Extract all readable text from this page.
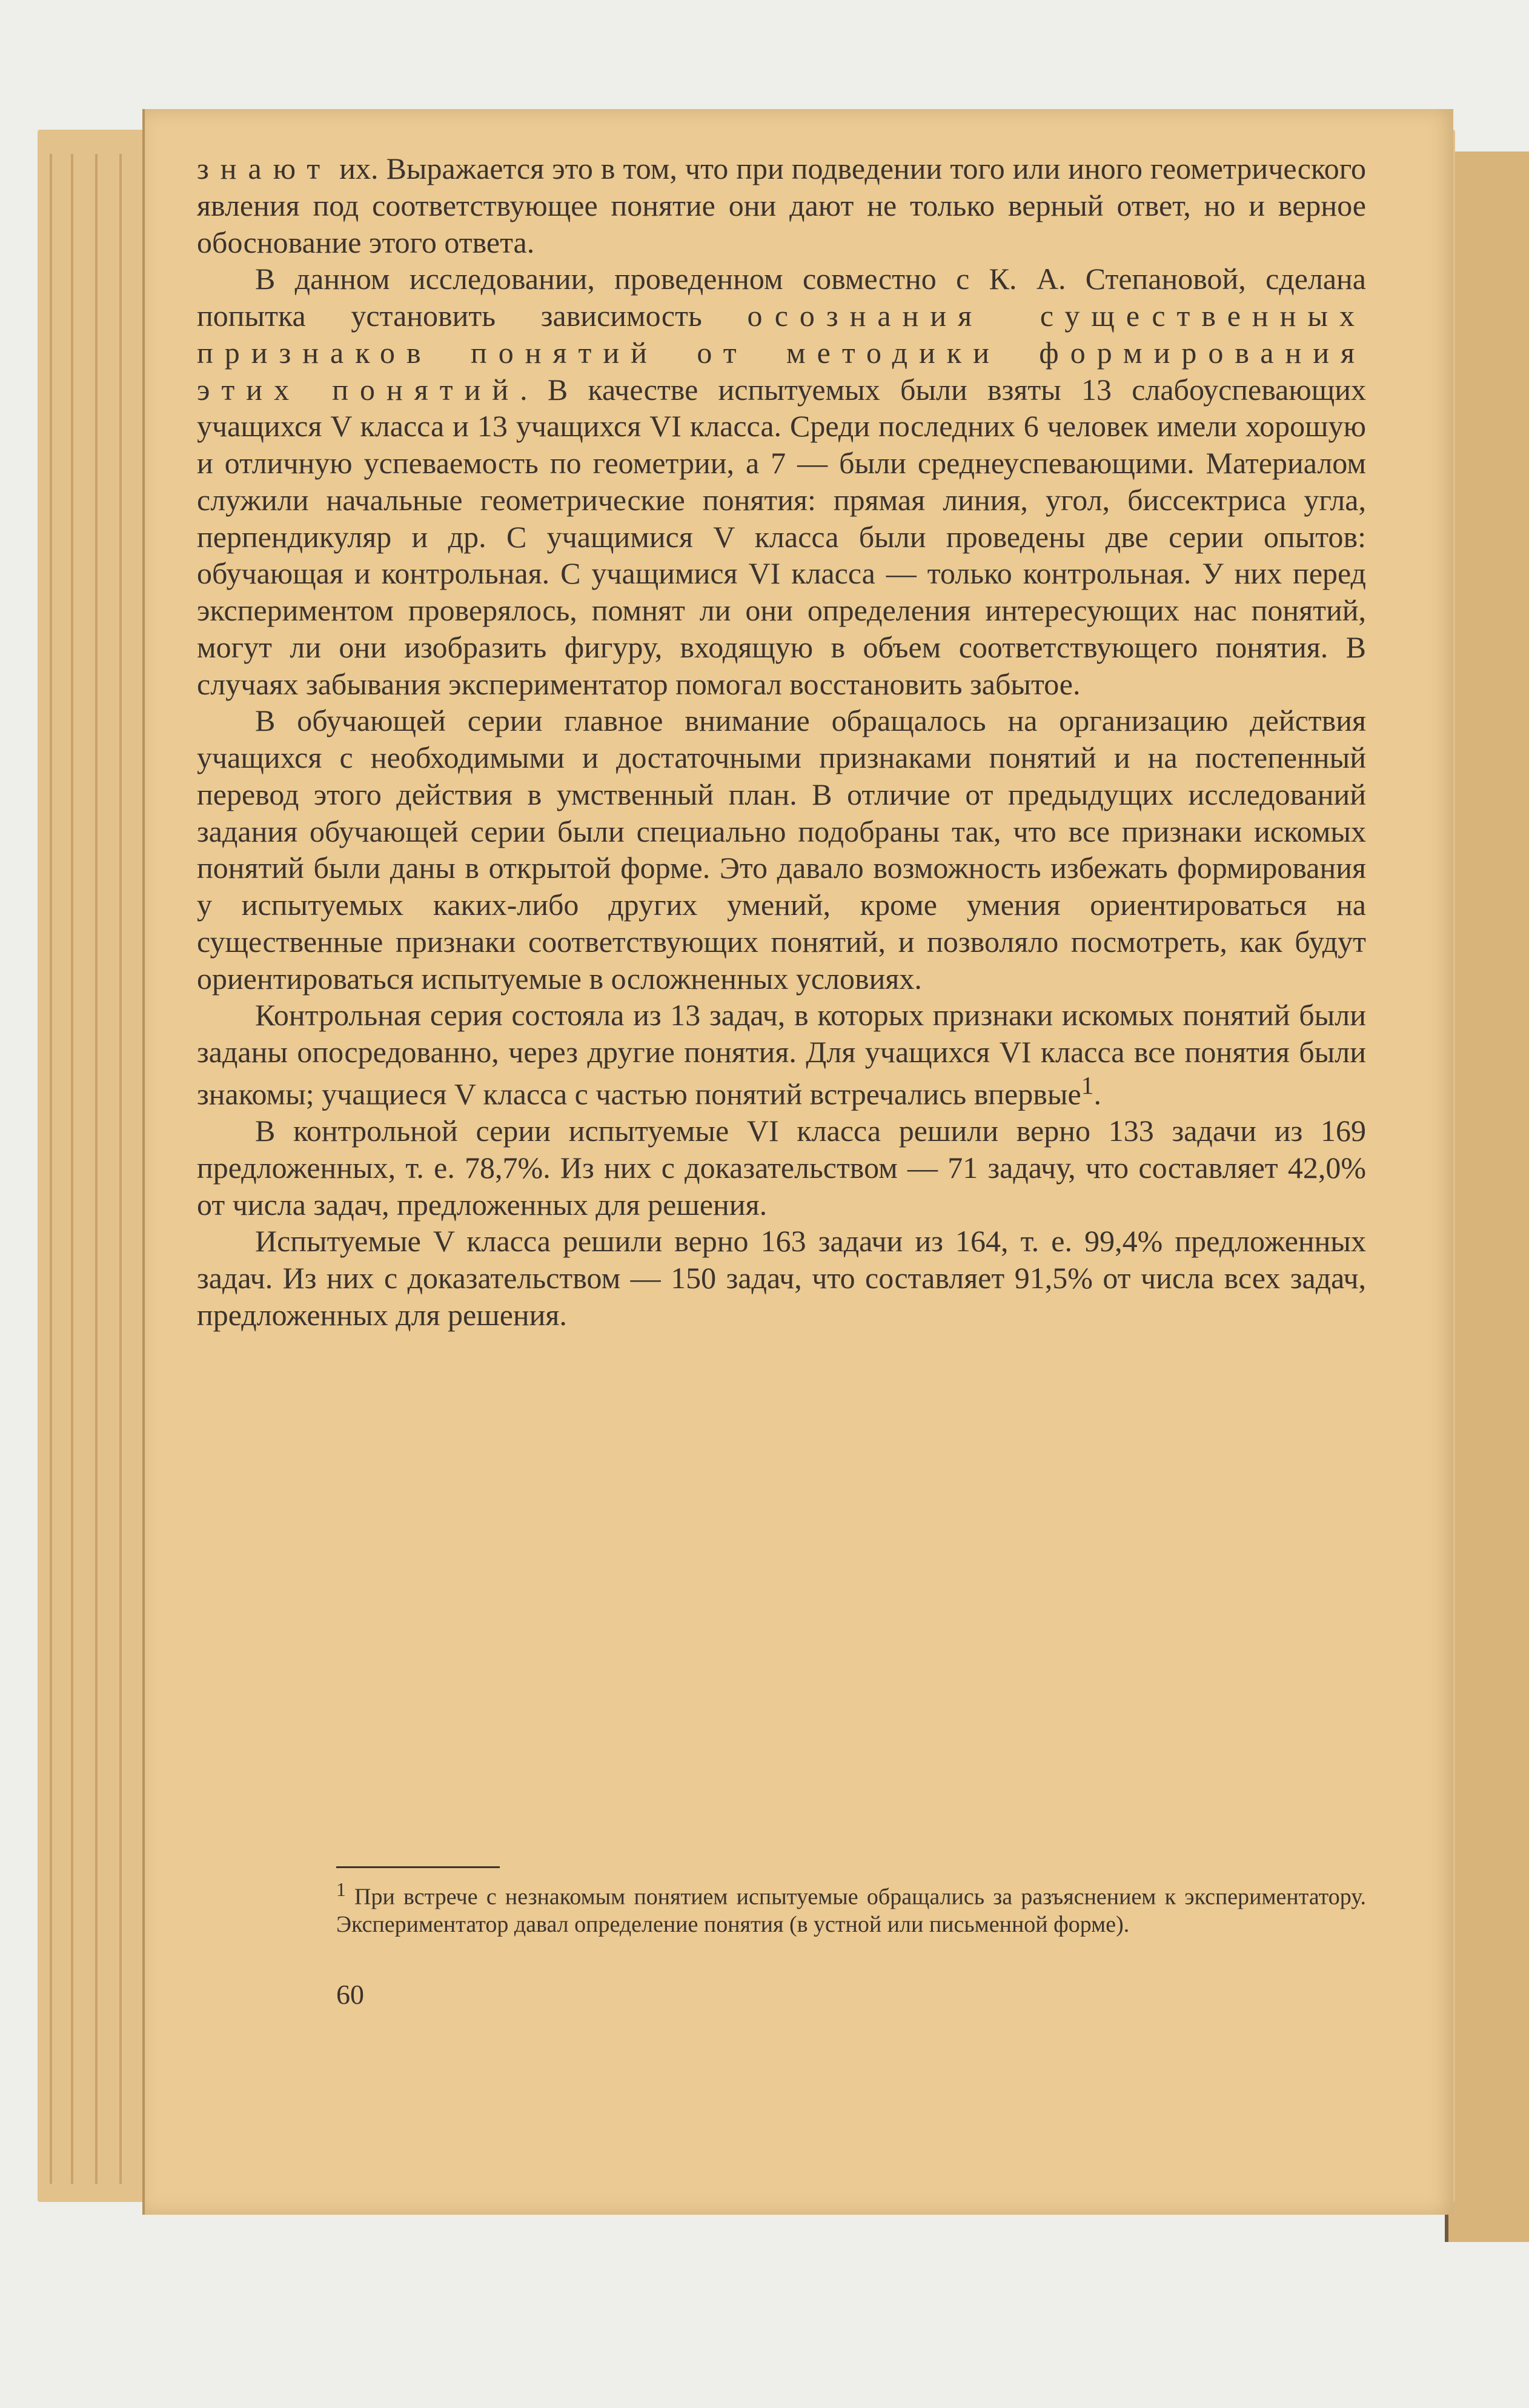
знают их. Выражается это в том, что при подведении того или иного геометрического явления под соответствующее понятие они дают не только верный ответ, но и верное обоснование этого ответа.

В данном исследовании, проведенном совместно с К. А. Степановой, сделана попытка установить зависимость осознания существенных признаков понятий от методики формирования этих понятий. В качестве испытуемых были взяты 13 слабоуспевающих учащихся V класса и 13 учащихся VI класса. Среди последних 6 человек имели хорошую и отличную успеваемость по геометрии, а 7 — были среднеуспевающими. Материалом служили начальные геометрические понятия: прямая линия, угол, биссектриса угла, перпендикуляр и др. С учащимися V класса были проведены две серии опытов: обучающая и контрольная. С учащимися VI класса — только контрольная. У них перед экспериментом проверялось, помнят ли они определения интересующих нас понятий, могут ли они изобразить фигуру, входящую в объем соответствующего понятия. В случаях забывания экспериментатор помогал восстановить забытое.

В обучающей серии главное внимание обращалось на организацию действия учащихся с необходимыми и достаточными признаками понятий и на постепенный перевод этого действия в умственный план. В отличие от предыдущих исследований задания обучающей серии были специально подобраны так, что все признаки искомых понятий были даны в открытой форме. Это давало возможность избежать формирования у испытуемых каких-либо других умений, кроме умения ориентироваться на существенные признаки соответствующих понятий, и позволяло посмотреть, как будут ориентироваться испытуемые в осложненных условиях.

Контрольная серия состояла из 13 задач, в которых признаки искомых понятий были заданы опосредованно, через другие понятия. Для учащихся VI класса все понятия были знакомы; учащиеся V класса с частью понятий встречались впервые$^1$.

В контрольной серии испытуемые VI класса решили верно 133 задачи из 169 предложенных, т. е. 78,7%. Из них с доказательством — 71 задачу, что составляет 42,0% от числа задач, предложенных для решения.

Испытуемые V класса решили верно 163 задачи из 164, т. е. 99,4% предложенных задач. Из них с доказательством — 150 задач, что составляет 91,5% от числа всех задач, предложенных для решения.

$^1$ При встрече с незнакомым понятием испытуемые обращались за разъяснением к экспериментатору. Экспериментатор давал определение понятия (в устной или письменной форме).
60
